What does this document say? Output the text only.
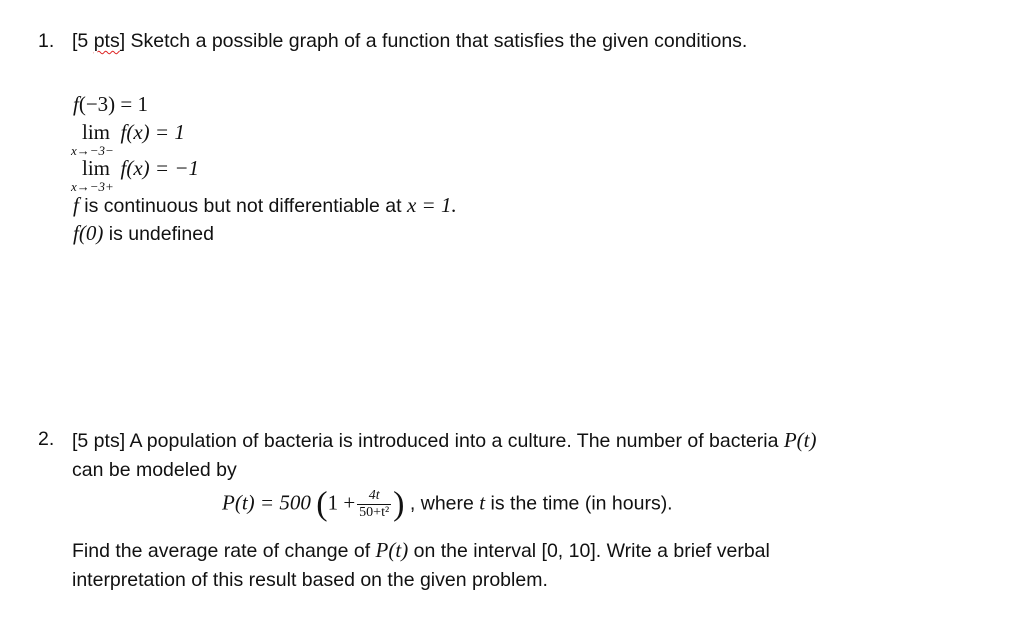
1. [5 pts] Sketch a possible graph of a function that satisfies the given conditions.
f(−3) = 1
lim f(x) = 1
x→−3−
lim f(x) = −1
x→−3+
f is continuous but not differentiable at x = 1.
f(0) is undefined
2. [5 pts] A population of bacteria is introduced into a culture. The number of bacteria P(t)
can be modeled by
P(t) = 500 ($1 + \frac{4t}{\text{50+t²}}$ ) , where t is the time (in hours).
Find the average rate of change of P(t) on the interval [0, 10]. Write a brief verbal
interpretation of this result based on the given problem.
